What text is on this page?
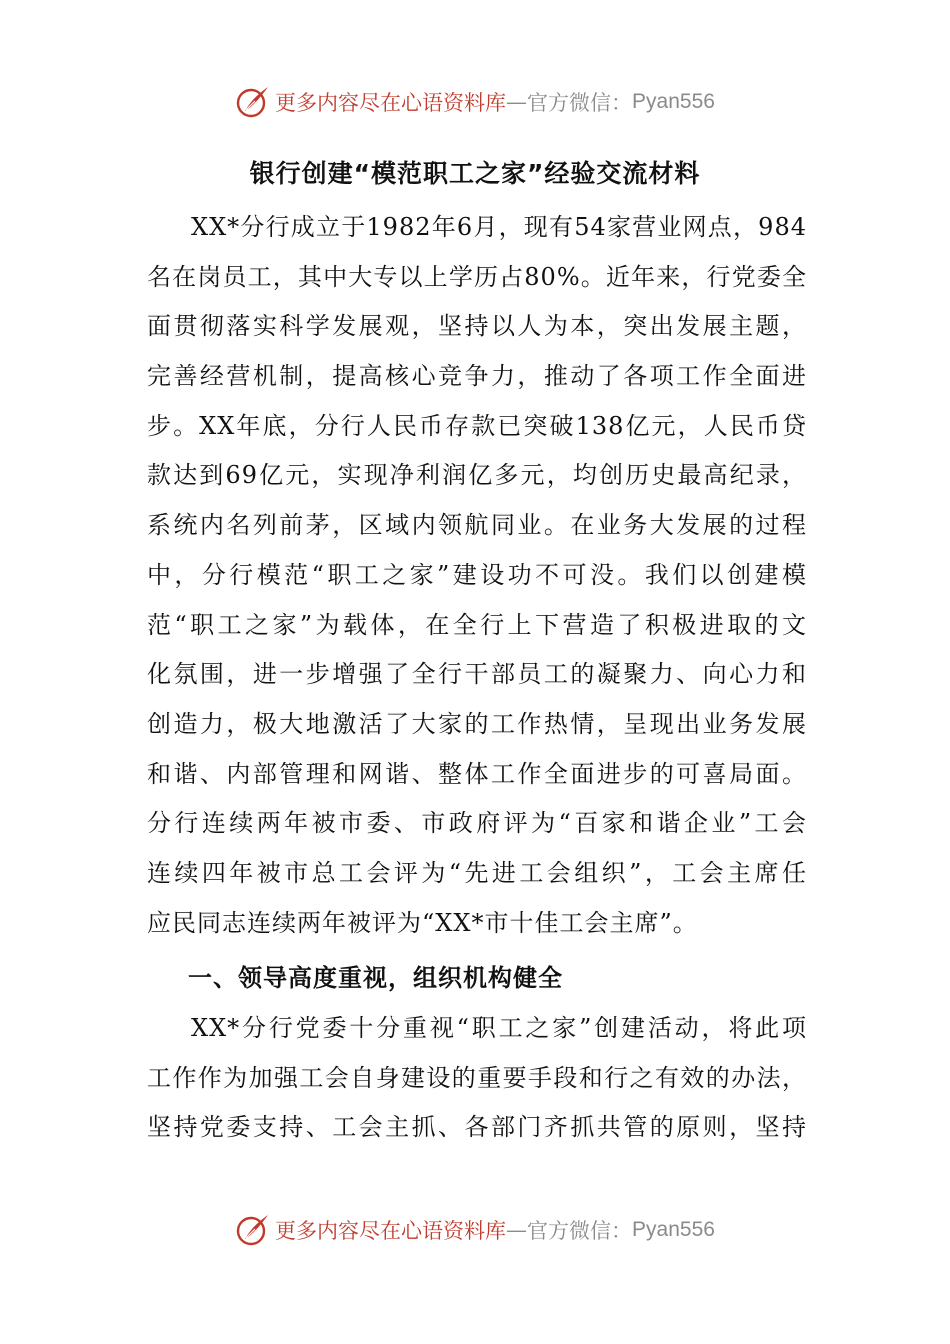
更多内容尽在心语资料库 — 官方微信： Pyan556
银行创建“模范职工之家”经验交流材料
XX*分行成立于1982年6月，现有54家营业网点，984
名在岗员工，其中大专以上学历占80%。近年来，行党委全
面贯彻落实科学发展观，坚持以人为本，突出发展主题，
完善经营机制，提高核心竞争力，推动了各项工作全面进
步。XX年底，分行人民币存款已突破138亿元，人民币贷
款达到69亿元，实现净利润亿多元，均创历史最高纪录，
系统内名列前茅，区域内领航同业。在业务大发展的过程
中，分行模范“职工之家”建设功不可没。我们以创建模
范“职工之家”为载体，在全行上下营造了积极进取的文
化氛围，进一步增强了全行干部员工的凝聚力、向心力和
创造力，极大地激活了大家的工作热情，呈现出业务发展
和谐、内部管理和网谐、整体工作全面进步的可喜局面。
分行连续两年被市委、市政府评为“百家和谐企业”工会
连续四年被市总工会评为“先进工会组织”，工会主席任
应民同志连续两年被评为“XX*市十佳工会主席”。
一、领导高度重视，组织机构健全
XX*分行党委十分重视“职工之家”创建活动，将此项
工作作为加强工会自身建设的重要手段和行之有效的办法，
坚持党委支持、工会主抓、各部门齐抓共管的原则，坚持
更多内容尽在心语资料库 — 官方微信： Pyan556
